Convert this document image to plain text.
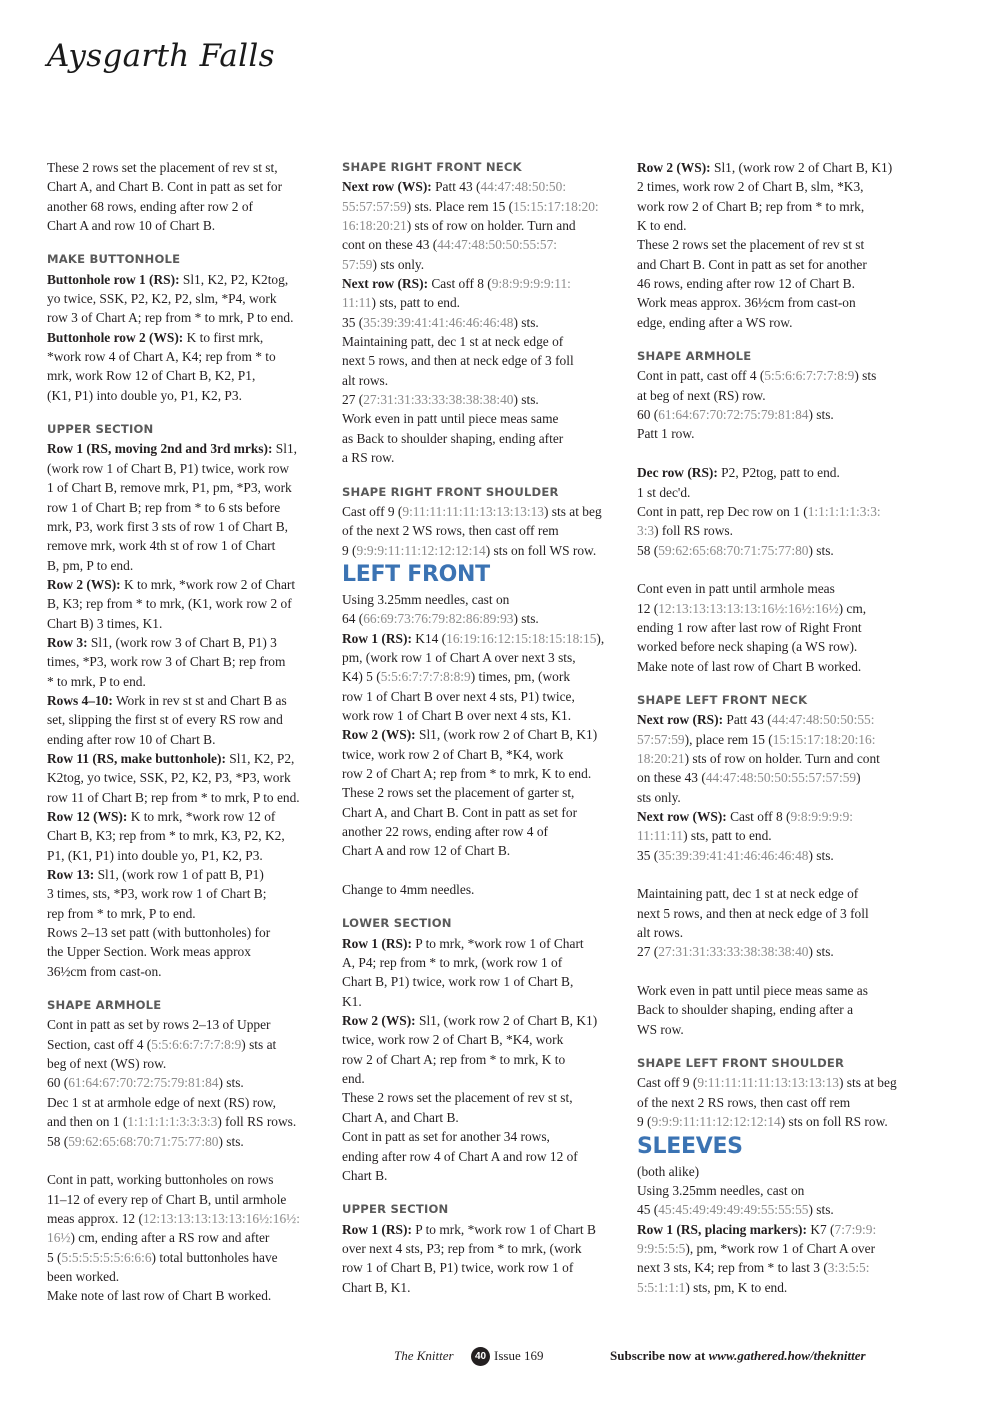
Aysgarth Falls

These 2 rows set the placement of rev st st,
Chart A, and Chart B. Cont in patt as set for
another 68 rows, ending after row 2 of
Chart A and row 10 of Chart B.

MAKE BUTTONHOLE

Buttonhole row 1 (RS): Sl1, K2, P2, K2tog,
yo twice, SSK, P2, K2, P2, slm, *P4, work
row 3 of Chart A; rep from * to mrk, P to end.

Buttonhole row 2 (WS): K to first mrk,
*work row 4 of Chart A, K4; rep from * to
mrk, work Row 12 of Chart B, K2, P1,
(K1, P1) into double yo, P1, K2, P3.

UPPER SECTION

Row 1 (RS, moving 2nd and 3rd mrks): Sl1,
(work row 1 of Chart B, P1) twice, work row
1 of Chart B, remove mrk, P1, pm, *P3, work
row 1 of Chart B; rep from * to 6 sts before
mrk, P3, work first 3 sts of row 1 of Chart B,
remove mrk, work 4th st of row 1 of Chart
B, pm, P to end.

Row 2 (WS): K to mrk, *work row 2 of Chart
B, K3; rep from * to mrk, (K1, work row 2 of
Chart B) 3 times, K1.

Row 3: Sl1, (work row 3 of Chart B, P1) 3
times, *P3, work row 3 of Chart B; rep from
* to mrk, P to end.

Rows 4–10: Work in rev st st and Chart B as
set, slipping the first st of every RS row and
ending after row 10 of Chart B.

Row 11 (RS, make buttonhole): Sl1, K2, P2,
K2tog, yo twice, SSK, P2, K2, P3, *P3, work
row 11 of Chart B; rep from * to mrk, P to end.

Row 12 (WS): K to mrk, *work row 12 of
Chart B, K3; rep from * to mrk, K3, P2, K2,
P1, (K1, P1) into double yo, P1, K2, P3.

Row 13: Sl1, (work row 1 of patt B, P1)
3 times, sts, *P3, work row 1 of Chart B;
rep from * to mrk, P to end.
Rows 2–13 set patt (with buttonholes) for
the Upper Section. Work meas approx
36½cm from cast-on.

SHAPE ARMHOLE

Cont in patt as set by rows 2–13 of Upper
Section, cast off 4 (5:5:6:6:7:7:7:8:9) sts at
beg of next (WS) row.
60 (61:64:67:70:72:75:79:81:84) sts.
Dec 1 st at armhole edge of next (RS) row,
and then on 1 (1:1:1:1:1:3:3:3:3) foll RS rows.
58 (59:62:65:68:70:71:75:77:80) sts.

Cont in patt, working buttonholes on rows
11–12 of every rep of Chart B, until armhole
meas approx. 12 (12:13:13:13:13:13:16½:16½:
16½) cm, ending after a RS row and after
5 (5:5:5:5:5:5:6:6:6) total buttonholes have
been worked.
Make note of last row of Chart B worked.

SHAPE RIGHT FRONT NECK

Next row (WS): Patt 43 (44:47:48:50:50:
55:57:57:59) sts. Place rem 15 (15:15:17:18:20:
16:18:20:21) sts of row on holder. Turn and
cont on these 43 (44:47:48:50:50:55:57:
57:59) sts only.

Next row (RS): Cast off 8 (9:8:9:9:9:9:11:
11:11) sts, patt to end.
35 (35:39:39:41:41:46:46:46:48) sts.

Maintaining patt, dec 1 st at neck edge of
next 5 rows, and then at neck edge of 3 foll
alt rows.

27 (27:31:31:33:33:38:38:38:40) sts.

Work even in patt until piece meas same
as Back to shoulder shaping, ending after
a RS row.

SHAPE RIGHT FRONT SHOULDER

Cast off 9 (9:11:11:11:11:13:13:13:13) sts at beg
of the next 2 WS rows, then cast off rem
9 (9:9:9:11:11:12:12:12:14) sts on foll WS row.

LEFT FRONT

Using 3.25mm needles, cast on
64 (66:69:73:76:79:82:86:89:93) sts.

Row 1 (RS): K14 (16:19:16:12:15:18:15:18:15),
pm, (work row 1 of Chart A over next 3 sts,
K4) 5 (5:5:6:7:7:7:8:8:9) times, pm, (work
row 1 of Chart B over next 4 sts, P1) twice,
work row 1 of Chart B over next 4 sts, K1.

Row 2 (WS): Sl1, (work row 2 of Chart B, K1)
twice, work row 2 of Chart B, *K4, work
row 2 of Chart A; rep from * to mrk, K to end.
These 2 rows set the placement of garter st,
Chart A, and Chart B. Cont in patt as set for
another 22 rows, ending after row 4 of
Chart A and row 12 of Chart B.

Change to 4mm needles.

LOWER SECTION

Row 1 (RS): P to mrk, *work row 1 of Chart
A, P4; rep from * to mrk, (work row 1 of
Chart B, P1) twice, work row 1 of Chart B,
K1.

Row 2 (WS): Sl1, (work row 2 of Chart B, K1)
twice, work row 2 of Chart B, *K4, work
row 2 of Chart A; rep from * to mrk, K to
end.
These 2 rows set the placement of rev st st,
Chart A, and Chart B.
Cont in patt as set for another 34 rows,
ending after row 4 of Chart A and row 12 of
Chart B.

UPPER SECTION

Row 1 (RS): P to mrk, *work row 1 of Chart B
over next 4 sts, P3; rep from * to mrk, (work
row 1 of Chart B, P1) twice, work row 1 of
Chart B, K1.

Row 2 (WS): Sl1, (work row 2 of Chart B, K1)
2 times, work row 2 of Chart B, slm, *K3,
work row 2 of Chart B; rep from * to mrk,
K to end.
These 2 rows set the placement of rev st st
and Chart B. Cont in patt as set for another
46 rows, ending after row 12 of Chart B.
Work meas approx. 36½cm from cast-on
edge, ending after a WS row.

SHAPE ARMHOLE

Cont in patt, cast off 4 (5:5:6:6:7:7:7:8:9) sts
at beg of next (RS) row.
60 (61:64:67:70:72:75:79:81:84) sts.
Patt 1 row.

Dec row (RS): P2, P2tog, patt to end.
1 st dec'd.
Cont in patt, rep Dec row on 1 (1:1:1:1:1:3:3:
3:3) foll RS rows.
58 (59:62:65:68:70:71:75:77:80) sts.

Cont even in patt until armhole meas
12 (12:13:13:13:13:13:16½:16½:16½) cm,
ending 1 row after last row of Right Front
worked before neck shaping (a WS row).
Make note of last row of Chart B worked.

SHAPE LEFT FRONT NECK

Next row (RS): Patt 43 (44:47:48:50:50:55:
57:57:59), place rem 15 (15:15:17:18:20:16:
18:20:21) sts of row on holder. Turn and cont
on these 43 (44:47:48:50:50:55:57:57:59)
sts only.

Next row (WS): Cast off 8 (9:8:9:9:9:9:
11:11:11) sts, patt to end.
35 (35:39:39:41:41:46:46:46:48) sts.

Maintaining patt, dec 1 st at neck edge of
next 5 rows, and then at neck edge of 3 foll
alt rows.

27 (27:31:31:33:33:38:38:38:40) sts.

Work even in patt until piece meas same as
Back to shoulder shaping, ending after a
WS row.

SHAPE LEFT FRONT SHOULDER

Cast off 9 (9:11:11:11:11:13:13:13:13) sts at beg
of the next 2 RS rows, then cast off rem
9 (9:9:9:11:11:12:12:12:14) sts on foll RS row.

SLEEVES

(both alike)
Using 3.25mm needles, cast on
45 (45:45:49:49:49:49:55:55:55) sts.
Row 1 (RS, placing markers): K7 (7:7:9:9:
9:9:5:5:5), pm, *work row 1 of Chart A over
next 3 sts, K4; rep from * to last 3 (3:3:5:5:
5:5:1:1:1) sts, pm, K to end.

The Knitter	40 Issue 169	Subscribe now at www.gathered.how/theknitter
